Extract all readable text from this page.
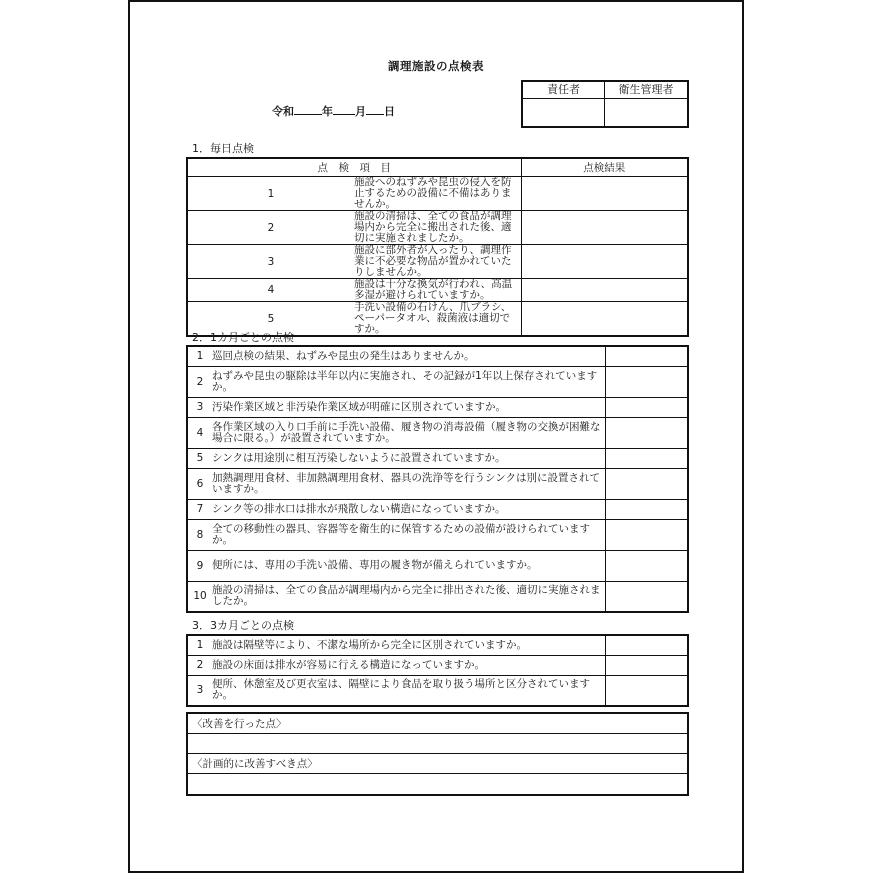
調理施設の点検表
令和	年 月 日
責任者	衛生管理者
1．毎日点検
点　検　項　目		点検結果
1	施設へのねずみや昆虫の侵入を防止するための設備に不備はありませんか。	
2	施設の清掃は、全ての食品が調理場内から完全に搬出された後、適切に実施されましたか。	
3	施設に部外者が入ったり、調理作業に不必要な物品が置かれていたりしませんか。	
4	施設は十分な換気が行われ、高温多湿が避けられていますか。	
5	手洗い設備の石けん、爪ブラシ、ペーパータオル、殺菌液は適切ですか。	
2．1カ月ごとの点検
1	巡回点検の結果、ねずみや昆虫の発生はありませんか。	
2	ねずみや昆虫の駆除は半年以内に実施され、その記録が1年以上保存されていますか。	
3	汚染作業区域と非汚染作業区域が明確に区別されていますか。	
4	各作業区域の入り口手前に手洗い設備、履き物の消毒設備（履き物の交換が困難な場合に限る。）が設置されていますか。	
5	シンクは用途別に相互汚染しないように設置されていますか。	
6	加熱調理用食材、非加熱調理用食材、器具の洗浄等を行うシンクは別に設置されていますか。	
7	シンク等の排水口は排水が飛散しない構造になっていますか。	
8	全ての移動性の器具、容器等を衛生的に保管するための設備が設けられていますか。	
9	便所には、専用の手洗い設備、専用の履き物が備えられていますか。	
10	施設の清掃は、全ての食品が調理場内から完全に排出された後、適切に実施されましたか。	
3．3カ月ごとの点検
1	施設は隔壁等により、不潔な場所から完全に区別されていますか。	
2	施設の床面は排水が容易に行える構造になっていますか。	
3	便所、休憩室及び更衣室は、隔壁により食品を取り扱う場所と区分されていますか。	
〈改善を行った点〉
〈計画的に改善すべき点〉
